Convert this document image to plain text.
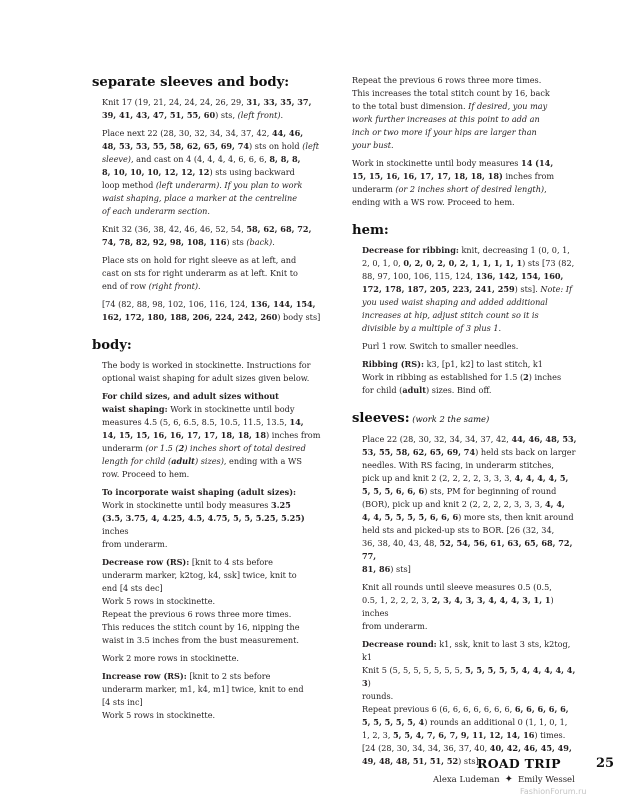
separate sleeves and body:
Knit 17 (19, 21, 24, 24, 24, 26, 29, 31, 33, 35, 37,
39, 41, 43, 47, 51, 55, 60) sts, (left front).
Place next 22 (28, 30, 32, 34, 34, 37, 42, 44, 46,
48, 53, 53, 55, 58, 62, 65, 69, 74) sts on hold (left
sleeve), and cast on 4 (4, 4, 4, 4, 6, 6, 6, 8, 8, 8,
8, 10, 10, 10, 12, 12, 12) sts using backward
loop method (left underarm). If you plan to work
waist shaping, place a marker at the centreline
of each underarm section.
Knit 32 (36, 38, 42, 46, 46, 52, 54, 58, 62, 68, 72,
74, 78, 82, 92, 98, 108, 116) sts (back).
Place sts on hold for right sleeve as at left, and
cast on sts for right underarm as at left. Knit to
end of row (right front).
[74 (82, 88, 98, 102, 106, 116, 124, 136, 144, 154,
162, 172, 180, 188, 206, 224, 242, 260) body sts]
body:
The body is worked in stockinette. Instructions for
optional waist shaping for adult sizes given below.
For child sizes, and adult sizes without
waist shaping: Work in stockinette until body
measures 4.5 (5, 6, 6.5, 8.5, 10.5, 11.5, 13.5, 14,
14, 15, 15, 16, 16, 17, 17, 18, 18, 18) inches from
underarm (or 1.5 (2) inches short of total desired
length for child (adult) sizes), ending with a WS
row. Proceed to hem.
To incorporate waist shaping (adult sizes):
Work in stockinette until body measures 3.25
(3.5, 3.75, 4, 4.25, 4.5, 4.75, 5, 5, 5.25, 5.25) inches
from underarm.
Decrease row (RS): [knit to 4 sts before
underarm marker, k2tog, k4, ssk] twice, knit to
end [4 sts dec]
Work 5 rows in stockinette.
Repeat the previous 6 rows three more times.
This reduces the stitch count by 16, nipping the
waist in 3.5 inches from the bust measurement.
Work 2 more rows in stockinette.
Increase row (RS): [knit to 2 sts before
underarm marker, m1, k4, m1] twice, knit to end
[4 sts inc]
Work 5 rows in stockinette.
Repeat the previous 6 rows three more times.
This increases the total stitch count by 16, back
to the total bust dimension. If desired, you may
work further increases at this point to add an
inch or two more if your hips are larger than
your bust.
Work in stockinette until body measures 14 (14,
15, 15, 16, 16, 17, 17, 18, 18, 18) inches from
underarm (or 2 inches short of desired length),
ending with a WS row. Proceed to hem.
hem:
Decrease for ribbing: knit, decreasing 1 (0, 0, 1,
2, 0, 1, 0, 0, 2, 0, 2, 0, 2, 1, 1, 1, 1, 1) sts [73 (82,
88, 97, 100, 106, 115, 124, 136, 142, 154, 160,
172, 178, 187, 205, 223, 241, 259) sts]. Note: If
you used waist shaping and added additional
increases at hip, adjust stitch count so it is
divisible by a multiple of 3 plus 1.
Purl 1 row. Switch to smaller needles.
Ribbing (RS): k3, [p1, k2] to last stitch, k1
Work in ribbing as established for 1.5 (2) inches
for child (adult) sizes. Bind off.
sleeves: (work 2 the same)
Place 22 (28, 30, 32, 34, 34, 37, 42, 44, 46, 48, 53,
53, 55, 58, 62, 65, 69, 74) held sts back on larger
needles. With RS facing, in underarm stitches,
pick up and knit 2 (2, 2, 2, 2, 3, 3, 3, 4, 4, 4, 4, 5,
5, 5, 5, 6, 6, 6) sts, PM for beginning of round
(BOR), pick up and knit 2 (2, 2, 2, 2, 3, 3, 3, 4, 4,
4, 4, 5, 5, 5, 5, 6, 6, 6) more sts, then knit around
held sts and picked-up sts to BOR. [26 (32, 34,
36, 38, 40, 43, 48, 52, 54, 56, 61, 63, 65, 68, 72, 77,
81, 86) sts]
Knit all rounds until sleeve measures 0.5 (0.5,
0.5, 1, 2, 2, 2, 3, 2, 3, 4, 3, 3, 4, 4, 4, 3, 1, 1) inches
from underarm.
Decrease round: k1, ssk, knit to last 3 sts, k2tog, k1
Knit 5 (5, 5, 5, 5, 5, 5, 5, 5, 5, 5, 5, 5, 4, 4, 4, 4, 4, 3)
rounds.
Repeat previous 6 (6, 6, 6, 6, 6, 6, 6, 6, 6, 6, 6, 6,
5, 5, 5, 5, 5, 4) rounds an additional 0 (1, 1, 0, 1,
1, 2, 3, 5, 5, 4, 7, 6, 7, 9, 11, 12, 14, 16) times.
[24 (28, 30, 34, 34, 36, 37, 40, 40, 42, 46, 45, 49,
49, 48, 48, 51, 51, 52) sts]
ROAD TRIP	25
Alexa Ludeman ✦ Emily Wessel
FashionForum.ru
